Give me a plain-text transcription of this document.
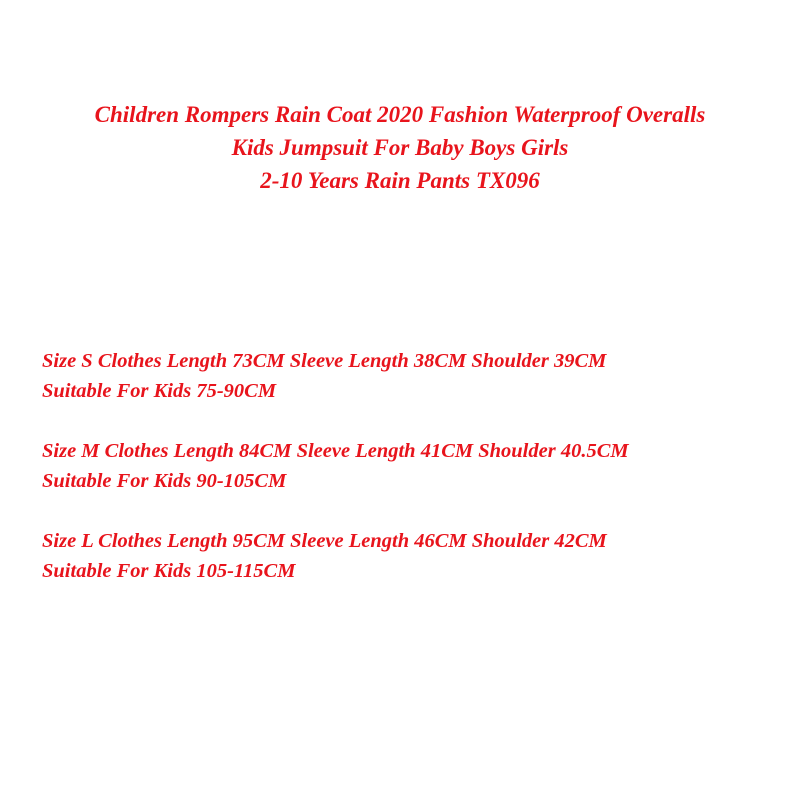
Children Rompers Rain Coat 2020 Fashion Waterproof Overalls
Kids Jumpsuit For Baby Boys Girls
2-10 Years Rain Pants TX096
Size S Clothes Length 73CM Sleeve Length 38CM Shoulder 39CM
Suitable For Kids 75-90CM
Size M Clothes Length 84CM Sleeve Length 41CM Shoulder 40.5CM
Suitable For Kids 90-105CM
Size L Clothes Length 95CM Sleeve Length 46CM Shoulder 42CM
Suitable For Kids 105-115CM
